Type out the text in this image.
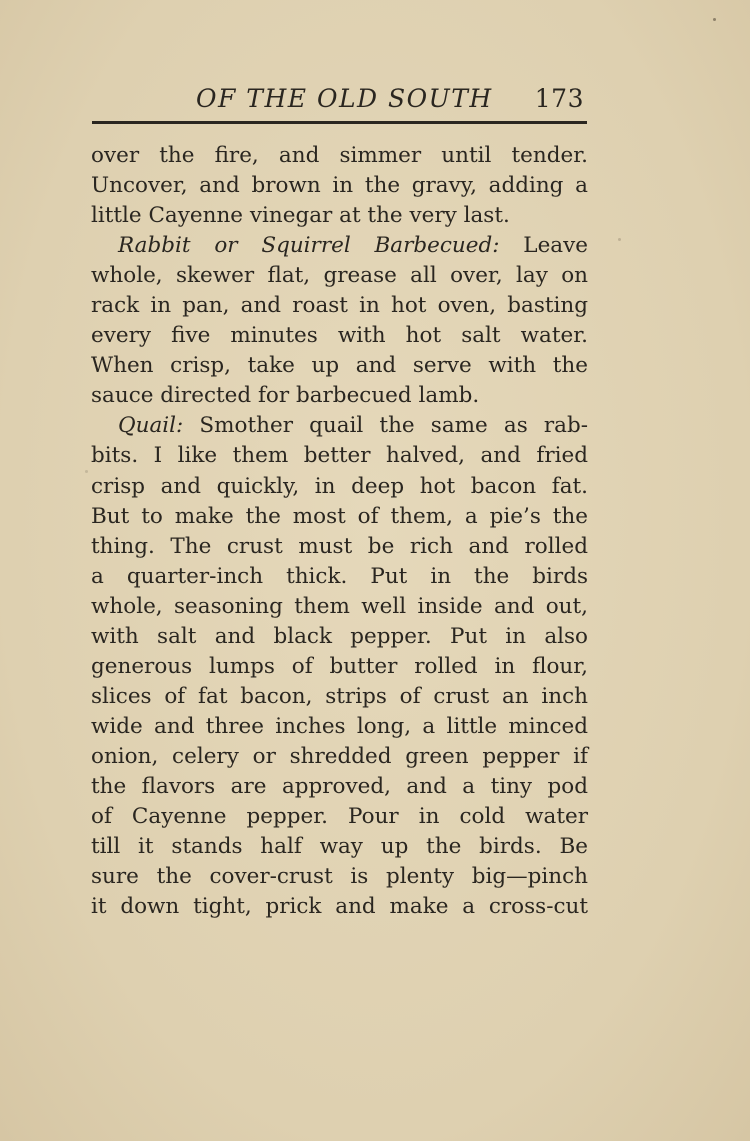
OF THE OLD SOUTH 173
over the fire, and simmer until tender.
Uncover, and brown in the gravy, adding a
little Cayenne vinegar at the very last.
Rabbit or Squirrel Barbecued: Leave
whole, skewer flat, grease all over, lay on
rack in pan, and roast in hot oven, basting
every five minutes with hot salt water.
When crisp, take up and serve with the
sauce directed for barbecued lamb.
Quail: Smother quail the same as rab-
bits. I like them better halved, and fried
crisp and quickly, in deep hot bacon fat.
But to make the most of them, a pie’s the
thing. The crust must be rich and rolled
a quarter-inch thick. Put in the birds
whole, seasoning them well inside and out,
with salt and black pepper. Put in also
generous lumps of butter rolled in flour,
slices of fat bacon, strips of crust an inch
wide and three inches long, a little minced
onion, celery or shredded green pepper if
the flavors are approved, and a tiny pod
of Cayenne pepper. Pour in cold water
till it stands half way up the birds. Be
sure the cover-crust is plenty big—pinch
it down tight, prick and make a cross-cut
